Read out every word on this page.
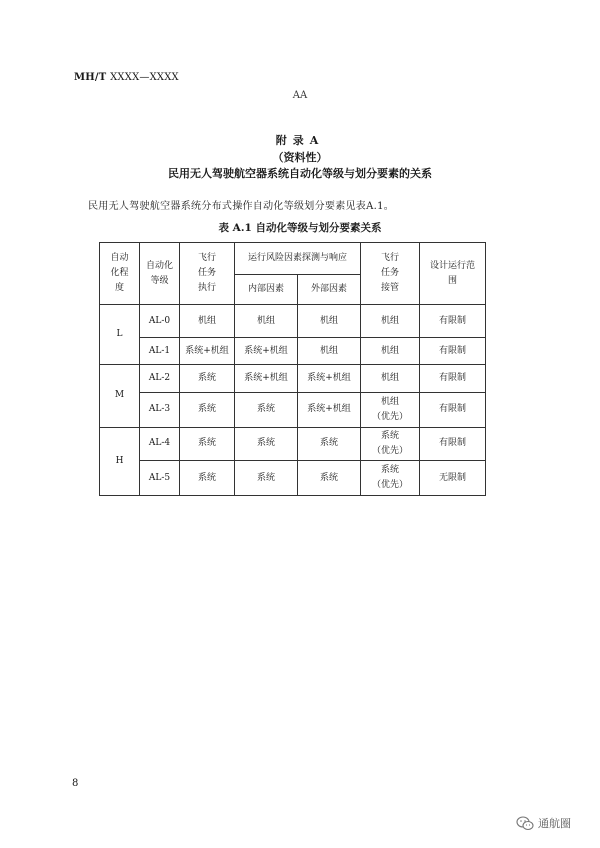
MH/T XXXX—XXXX
AA
附录A
（资料性）
民用无人驾驶航空器系统自动化等级与划分要素的关系
民用无人驾驶航空器系统分布式操作自动化等级划分要素见表A.1。
表 A.1 自动化等级与划分要素关系
自动
化程
度	自动化
等级	飞行
任务
执行	运行风险因素探测与响应		飞行
任务
接管	设计运行范
围
			内部因素	外部因素		
L	AL-0	机组	机组	机组	机组	有限制
	AL-1	系统+机组	系统+机组	机组	机组	有限制
M	AL-2	系统	系统+机组	系统+机组	机组	有限制
	AL-3	系统	系统	系统+机组	机组
（优先）	有限制
H	AL-4	系统	系统	系统	系统
（优先）	有限制
	AL-5	系统	系统	系统	系统
（优先）	无限制
8
通航圈
